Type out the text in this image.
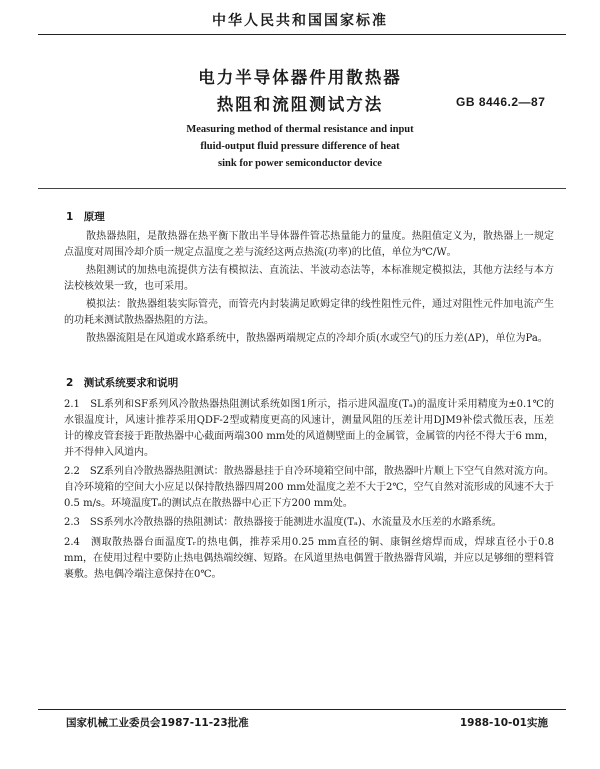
中华人民共和国国家标准
电力半导体器件用散热器
热阻和流阻测试方法	GB 8446.2—87
Measuring method of thermal resistance and input
fluid-output fluid pressure difference of heat
sink for power semiconductor device
1　原理

散热器热阻，是散热器在热平衡下散出半导体器件管芯热量能力的量度。热阻值定义为，散热器上一规定点温度对周围冷却介质一规定点温度之差与流经这两点热流(功率)的比值，单位为℃/W。

热阻测试的加热电流提供方法有模拟法、直流法、半波动态法等，本标准规定模拟法，其他方法经与本方法校核效果一致，也可采用。

模拟法：散热器组装实际管壳，而管壳内封装满足欧姆定律的线性阻性元件，通过对阻性元件加电流产生的功耗来测试散热器热阻的方法。

散热器流阻是在风道或水路系统中，散热器两端规定点的冷却介质(水或空气)的压力差(ΔP)，单位为Pa。

2　测试系统要求和说明

2.1　SL系列和SF系列风冷散热器热阻测试系统如图1所示，指示进风温度(Tₐ)的温度计采用精度为±0.1℃的水银温度计，风速计推荐采用QDF-2型或精度更高的风速计，测量风阻的压差计用DJM9补偿式微压表，压差计的橡皮管套接于距散热器中心截面两端300 mm处的风道侧壁面上的金属管，金属管的内径不得大于6 mm，并不得伸入风道内。

2.2　SZ系列自冷散热器热阻测试：散热器悬挂于自冷环境箱空间中部，散热器叶片顺上下空气自然对流方向。自冷环境箱的空间大小应足以保持散热器四周200 mm处温度之差不大于2℃，空气自然对流形成的风速不大于0.5 m/s。环境温度Tₐ的测试点在散热器中心正下方200 mm处。

2.3　SS系列水冷散热器的热阻测试：散热器接于能测进水温度(Tₐ)、水流量及水压差的水路系统。

2.4　测取散热器台面温度Tᵣ的热电偶，推荐采用0.25 mm直径的铜、康铜丝熔焊而成，焊球直径小于0.8 mm，在使用过程中要防止热电偶热端绞缠、短路。在风道里热电偶置于散热器背风端，并应以足够细的塑料管裹敷。热电偶冷端注意保持在0℃。

国家机械工业委员会1987-11-23批准	1988-10-01实施
